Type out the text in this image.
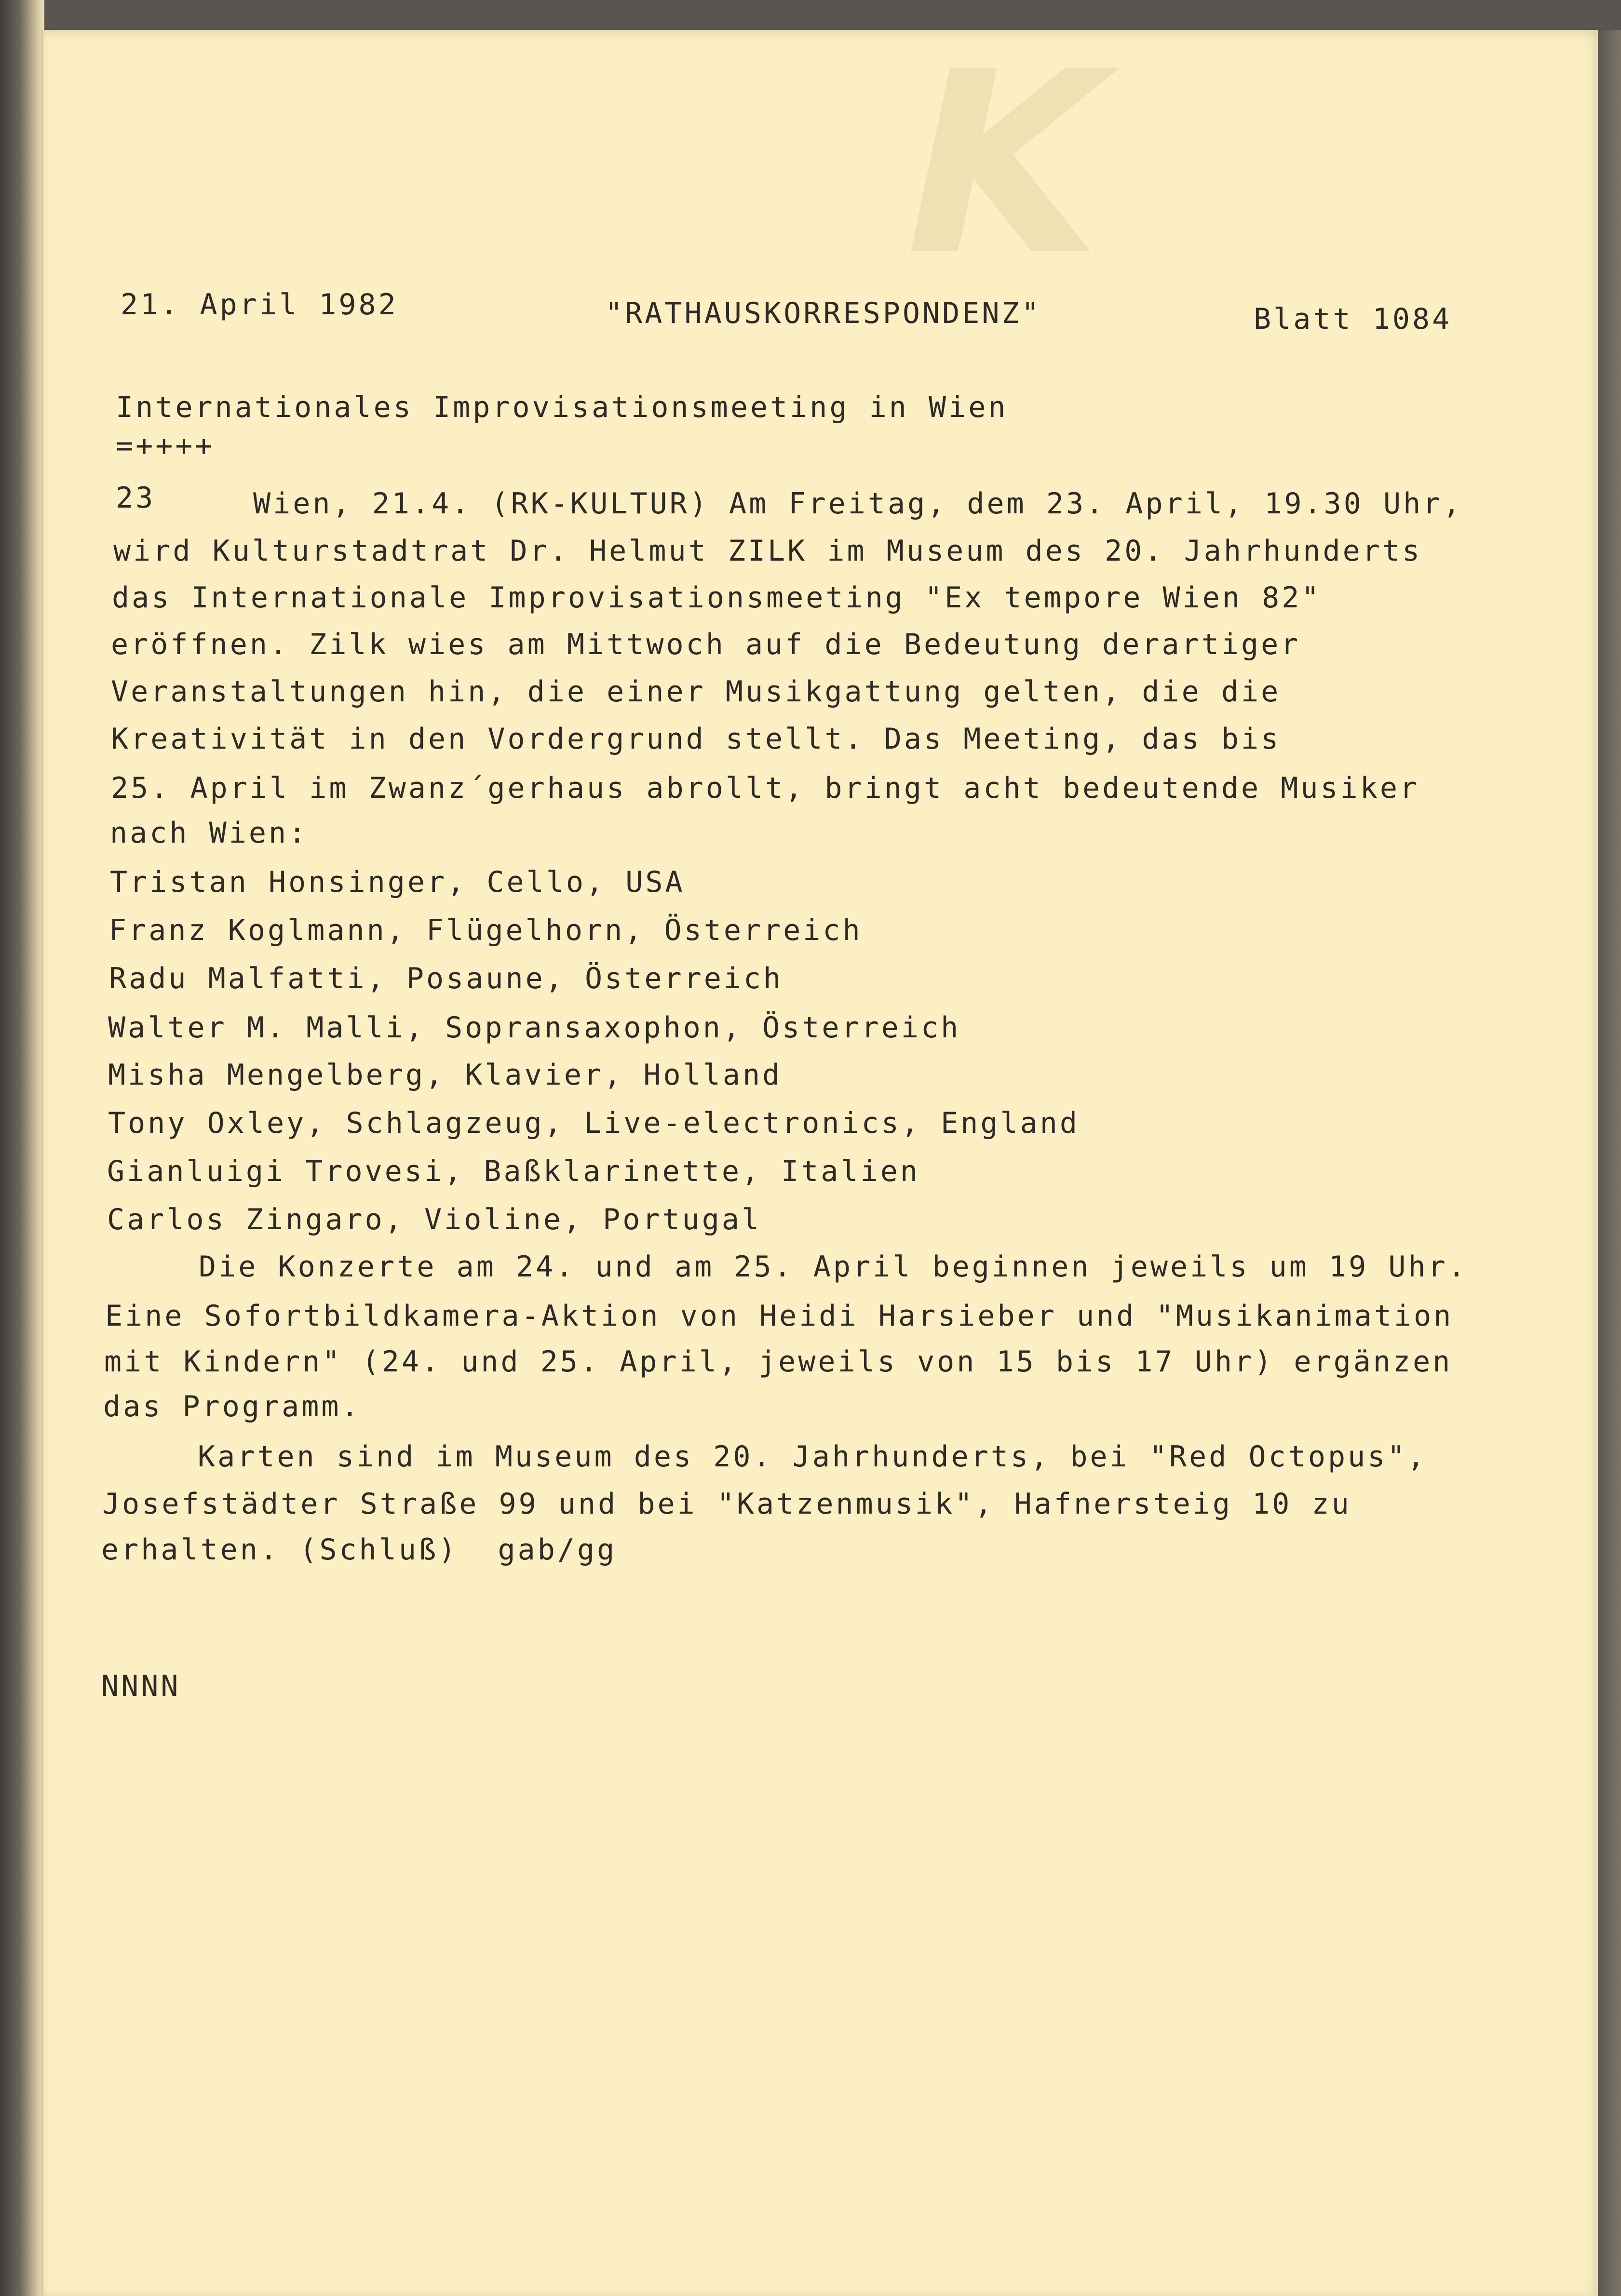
K
21. April 1982	"RATHAUSKORRESPONDENZ"	Blatt 1084
Internationales Improvisationsmeeting in Wien
=++++
23	Wien, 21.4. (RK-KULTUR) Am Freitag, dem 23. April, 19.30 Uhr,
wird Kulturstadtrat Dr. Helmut ZILK im Museum des 20. Jahrhunderts
das Internationale Improvisationsmeeting "Ex tempore Wien 82"
eröffnen. Zilk wies am Mittwoch auf die Bedeutung derartiger
Veranstaltungen hin, die einer Musikgattung gelten, die die
Kreativität in den Vordergrund stellt. Das Meeting, das bis
25. April im Zwanz´gerhaus abrollt, bringt acht bedeutende Musiker
nach Wien:
Tristan Honsinger, Cello, USA
Franz Koglmann, Flügelhorn, Österreich
Radu Malfatti, Posaune, Österreich
Walter M. Malli, Sopransaxophon, Österreich
Misha Mengelberg, Klavier, Holland
Tony Oxley, Schlagzeug, Live-electronics, England
Gianluigi Trovesi, Baßklarinette, Italien
Carlos Zingaro, Violine, Portugal
Die Konzerte am 24. und am 25. April beginnen jeweils um 19 Uhr.
Eine Sofortbildkamera-Aktion von Heidi Harsieber und "Musikanimation
mit Kindern" (24. und 25. April, jeweils von 15 bis 17 Uhr) ergänzen
das Programm.
Karten sind im Museum des 20. Jahrhunderts, bei "Red Octopus",
Josefstädter Straße 99 und bei "Katzenmusik", Hafnersteig 10 zu
erhalten. (Schluß)  gab/gg
NNNN
